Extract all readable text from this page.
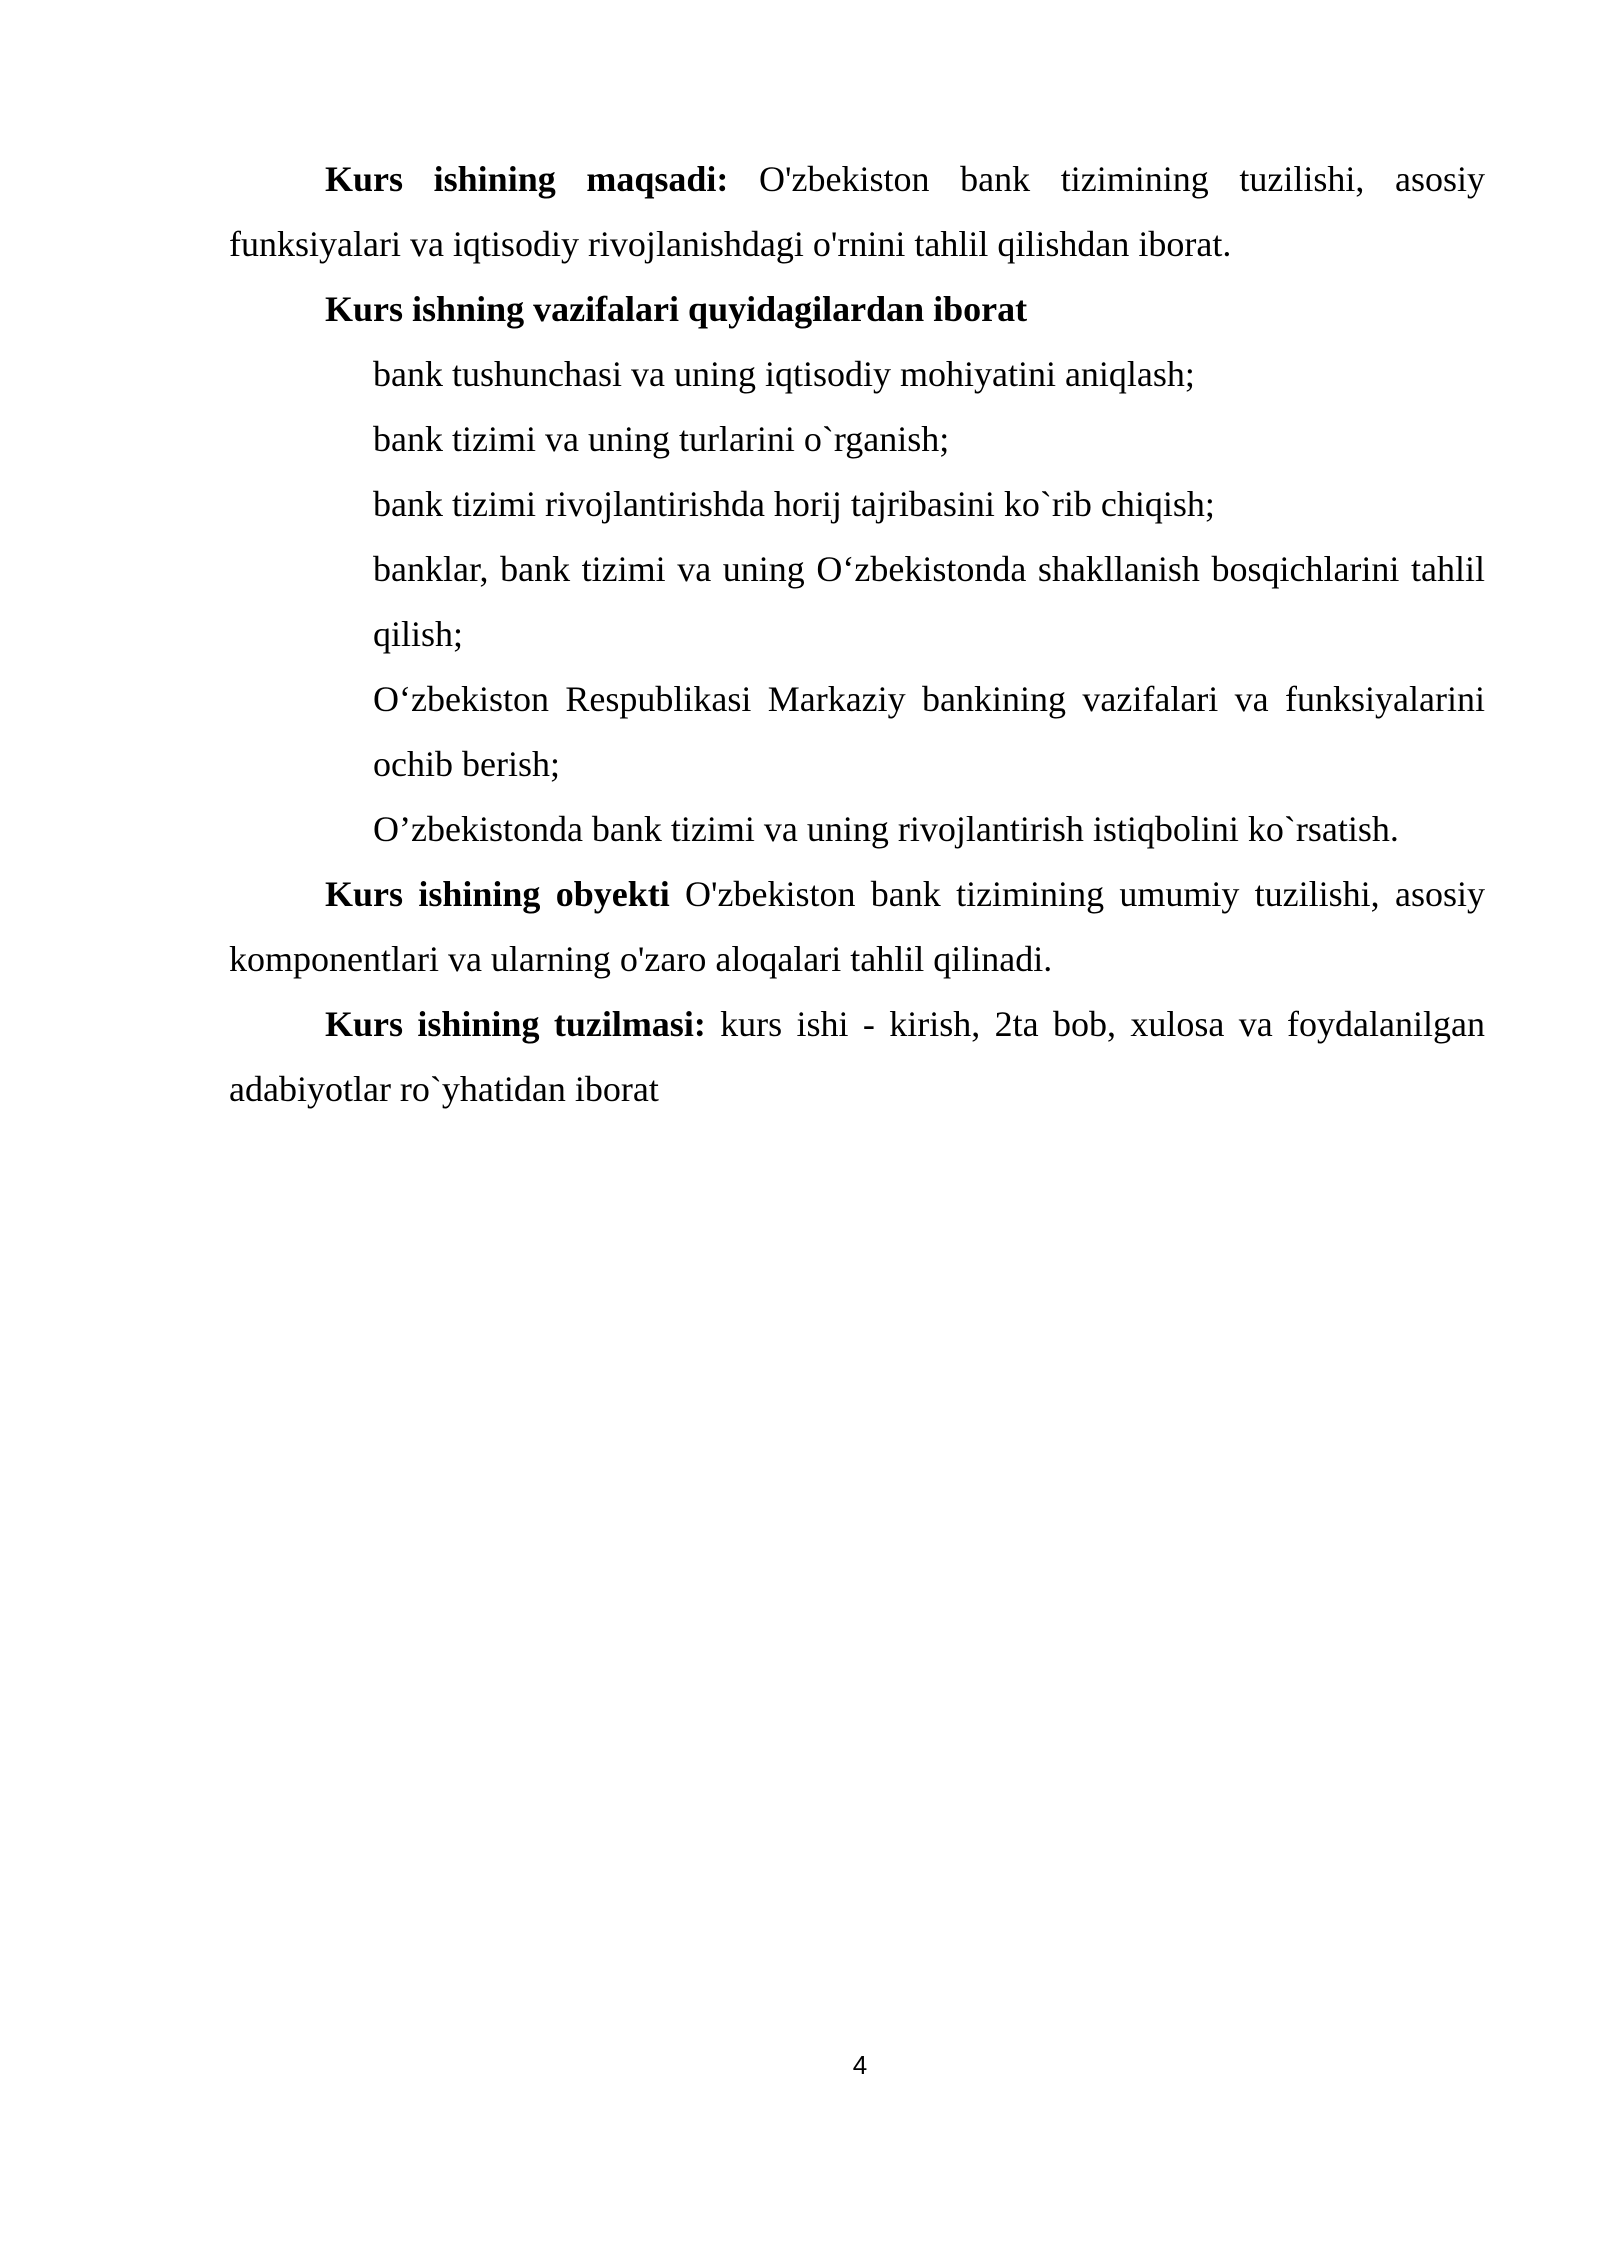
Kurs ishining maqsadi: O'zbekiston bank tizimining tuzilishi, asosiy funksiyalari va iqtisodiy rivojlanishdagi o'rnini tahlil qilishdan iborat.

Kurs ishning vazifalari quyidagilardan iborat

bank tushunchasi va uning iqtisodiy mohiyatini aniqlash;
bank tizimi va uning turlarini o`rganish;
bank tizimi rivojlantirishda horij tajribasini ko`rib chiqish;
banklar, bank tizimi va uning O‘zbekistonda shakllanish bosqichlarini tahlil qilish;
O‘zbekiston Respublikasi Markaziy bankining vazifalari va funksiyalarini ochib berish;
O’zbekistonda bank tizimi va uning rivojlantirish istiqbolini ko`rsatish.

Kurs ishining obyekti O'zbekiston bank tizimining umumiy tuzilishi, asosiy komponentlari va ularning o'zaro aloqalari tahlil qilinadi.

Kurs ishining tuzilmasi: kurs ishi - kirish, 2ta bob, xulosa va foydalanilgan adabiyotlar ro`yhatidan iborat

4
